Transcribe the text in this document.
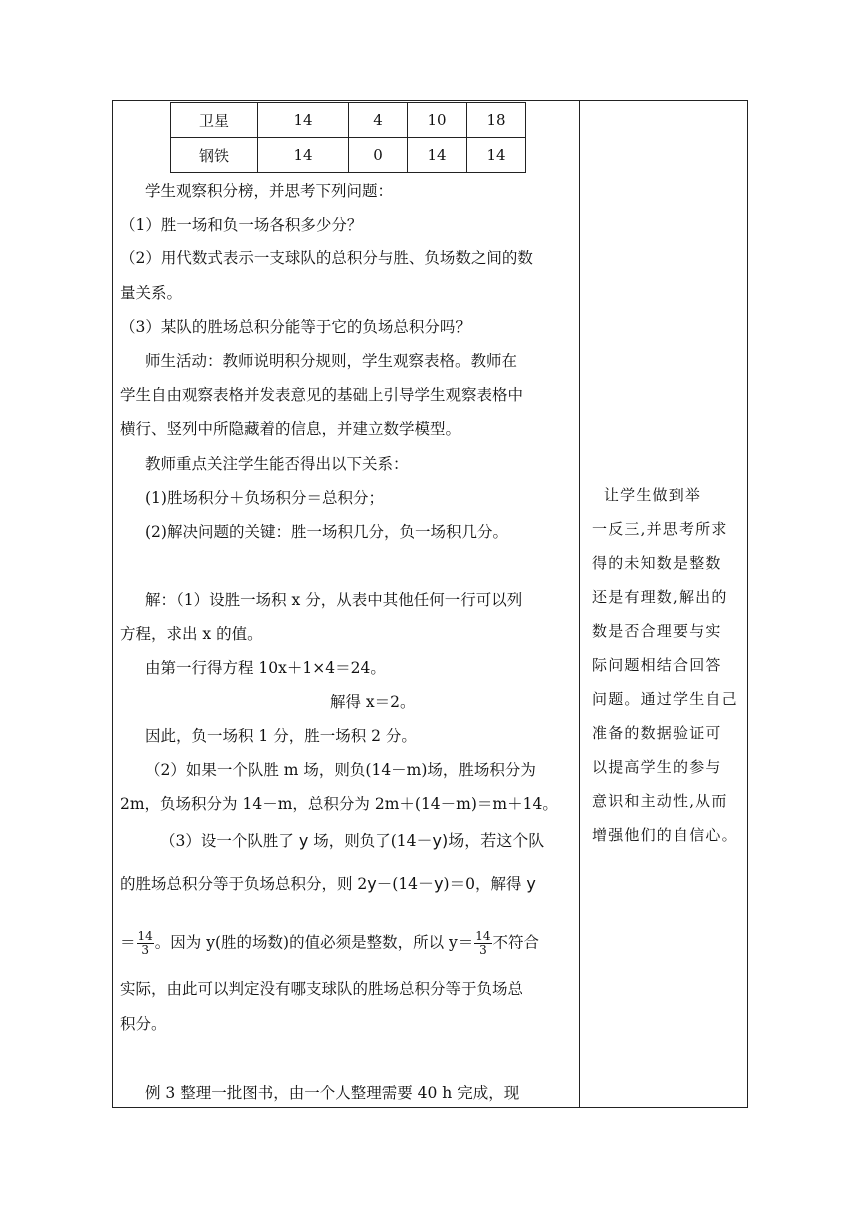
卫星	14	4	10	18
钢铁	14	0	14	14
学生观察积分榜，并思考下列问题：
（1）胜一场和负一场各积多少分？
（2）用代数式表示一支球队的总积分与胜、负场数之间的数
量关系。
（3）某队的胜场总积分能等于它的负场总积分吗？
师生活动：教师说明积分规则，学生观察表格。教师在
学生自由观察表格并发表意见的基础上引导学生观察表格中
横行、竖列中所隐藏着的信息，并建立数学模型。
教师重点关注学生能否得出以下关系：
(1)胜场积分＋负场积分＝总积分；
(2)解决问题的关键：胜一场积几分，负一场积几分。
解：（1）设胜一场积 x 分，从表中其他任何一行可以列
方程，求出 x 的值。
由第一行得方程 10x＋1×4＝24。
解得 x＝2。
因此，负一场积 1 分，胜一场积 2 分。
（2）如果一个队胜 m 场，则负(14－m)场，胜场积分为
2m，负场积分为 14－m，总积分为 2m＋(14－m)＝m＋14。
（3）设一个队胜了 y 场，则负了(14－y)场，若这个队
的胜场总积分等于负场总积分，则 2y－(14－y)＝0，解得 y
＝ $\frac{14}{3}$ 。因为 y(胜的场数)的值必须是整数，所以 $y= \frac{14}{3}$ 不符合
实际，由此可以判定没有哪支球队的胜场总积分等于负场总
积分。
例 3 整理一批图书，由一个人整理需要 40 h 完成，现
让学生做到举
一反三,并思考所求
得的未知数是整数
还是有理数,解出的
数是否合理要与实
际问题相结合回答
问题。通过学生自己
准备的数据验证可
以提高学生的参与
意识和主动性,从而
增强他们的自信心。
